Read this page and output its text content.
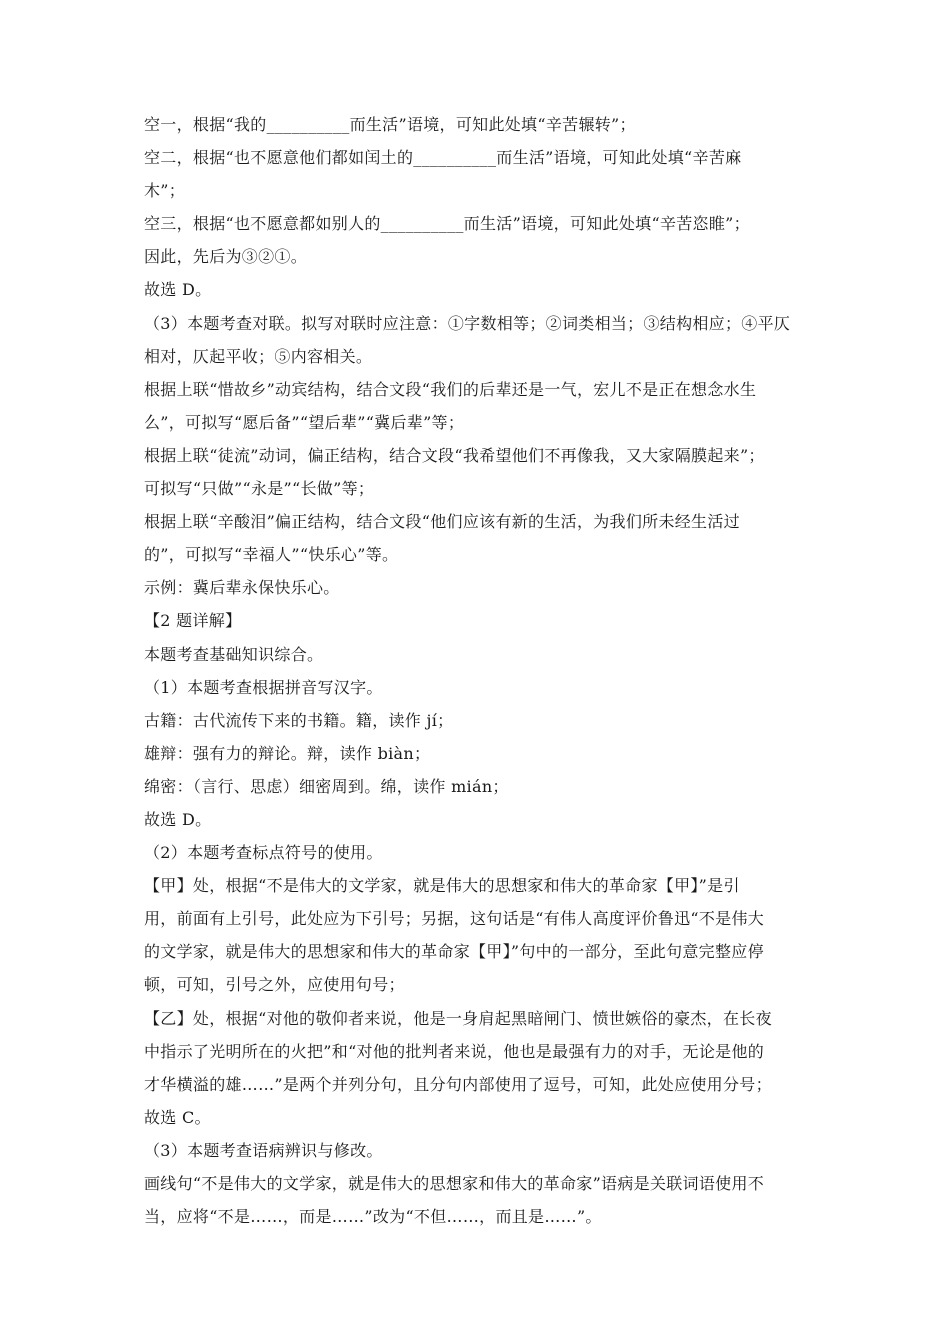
空一，根据“我的__________而生活”语境，可知此处填“辛苦辗转”；
空二，根据“也不愿意他们都如闰土的__________而生活”语境，可知此处填“辛苦麻
木”；
空三，根据“也不愿意都如别人的__________而生活”语境，可知此处填“辛苦恣睢”；
因此，先后为③②①。
故选 D。
（3）本题考查对联。拟写对联时应注意：①字数相等；②词类相当；③结构相应；④平仄
相对，仄起平收；⑤内容相关。
根据上联“惜故乡”动宾结构，结合文段“我们的后辈还是一气，宏儿不是正在想念水生
么”，可拟写“愿后备”“望后辈”“冀后辈”等；
根据上联“徒流”动词，偏正结构，结合文段“我希望他们不再像我，又大家隔膜起来”；
可拟写“只做”“永是”“长做”等；
根据上联“辛酸泪”偏正结构，结合文段“他们应该有新的生活，为我们所未经生活过
的”，可拟写“幸福人”“快乐心”等。
示例：冀后辈永保快乐心。
【2 题详解】
本题考查基础知识综合。
（1）本题考查根据拼音写汉字。
古籍：古代流传下来的书籍。籍，读作 jí；
雄辩：强有力的辩论。辩，读作 biàn；
绵密：（言行、思虑）细密周到。绵，读作 mián；
故选 D。
（2）本题考查标点符号的使用。
【甲】处，根据“不是伟大的文学家，就是伟大的思想家和伟大的革命家【甲】”是引
用，前面有上引号，此处应为下引号；另据，这句话是“有伟人高度评价鲁迅“不是伟大
的文学家，就是伟大的思想家和伟大的革命家【甲】”句中的一部分，至此句意完整应停
顿，可知，引号之外，应使用句号；
【乙】处，根据“对他的敬仰者来说，他是一身肩起黑暗闸门、愤世嫉俗的豪杰，在长夜
中指示了光明所在的火把”和“对他的批判者来说，他也是最强有力的对手，无论是他的
才华横溢的雄……”是两个并列分句，且分句内部使用了逗号，可知，此处应使用分号；
故选 C。
（3）本题考查语病辨识与修改。
画线句“不是伟大的文学家，就是伟大的思想家和伟大的革命家”语病是关联词语使用不
当，应将“不是……，而是……”改为“不但……，而且是……”。
